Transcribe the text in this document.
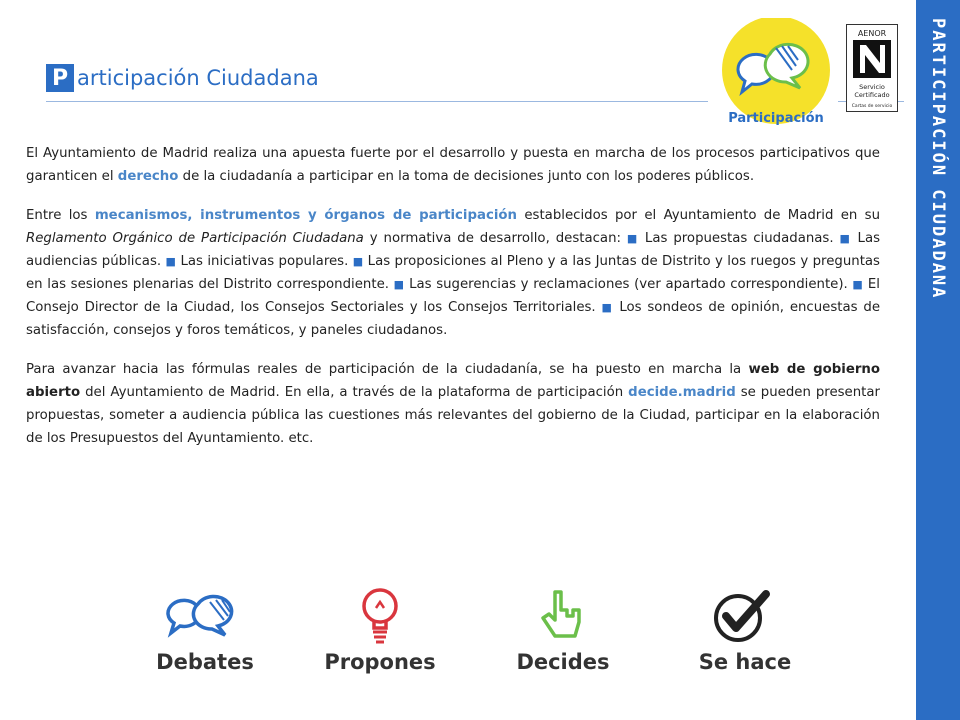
PARTICIPACIÓN CIUDADANA
P articipación Ciudadana
Participación
AENOR
Servicio
Certificado
Cartas de servicio

El Ayuntamiento de Madrid realiza una apuesta fuerte por el desarrollo y puesta en marcha de los procesos participativos que garanticen el derecho de la ciudadanía a participar en la toma de decisiones junto con los poderes públicos.

Entre los mecanismos, instrumentos y órganos de participación establecidos por el Ayuntamiento de Madrid en su Reglamento Orgánico de Participación Ciudadana y normativa de desarrollo, destacan: ■ Las propuestas ciudadanas. ■ Las audiencias públicas. ■ Las iniciativas populares. ■ Las proposiciones al Pleno y a las Juntas de Distrito y los ruegos y preguntas en las sesiones plenarias del Distrito correspondiente. ■ Las sugerencias y reclamaciones (ver apartado correspondiente). ■ El Consejo Director de la Ciudad, los Consejos Sectoriales y los Consejos Territoriales. ■ Los sondeos de opinión, encuestas de satisfacción, consejos y foros temáticos, y paneles ciudadanos.

Para avanzar hacia las fórmulas reales de participación de la ciudadanía, se ha puesto en marcha la web de gobierno abierto del Ayuntamiento de Madrid. En ella, a través de la plataforma de participación decide.madrid se pueden presentar propuestas, someter a audiencia pública las cuestiones más relevantes del gobierno de la Ciudad, participar en la elaboración de los Presupuestos del Ayuntamiento. etc.

Debates	Propones	Decides	Se hace
